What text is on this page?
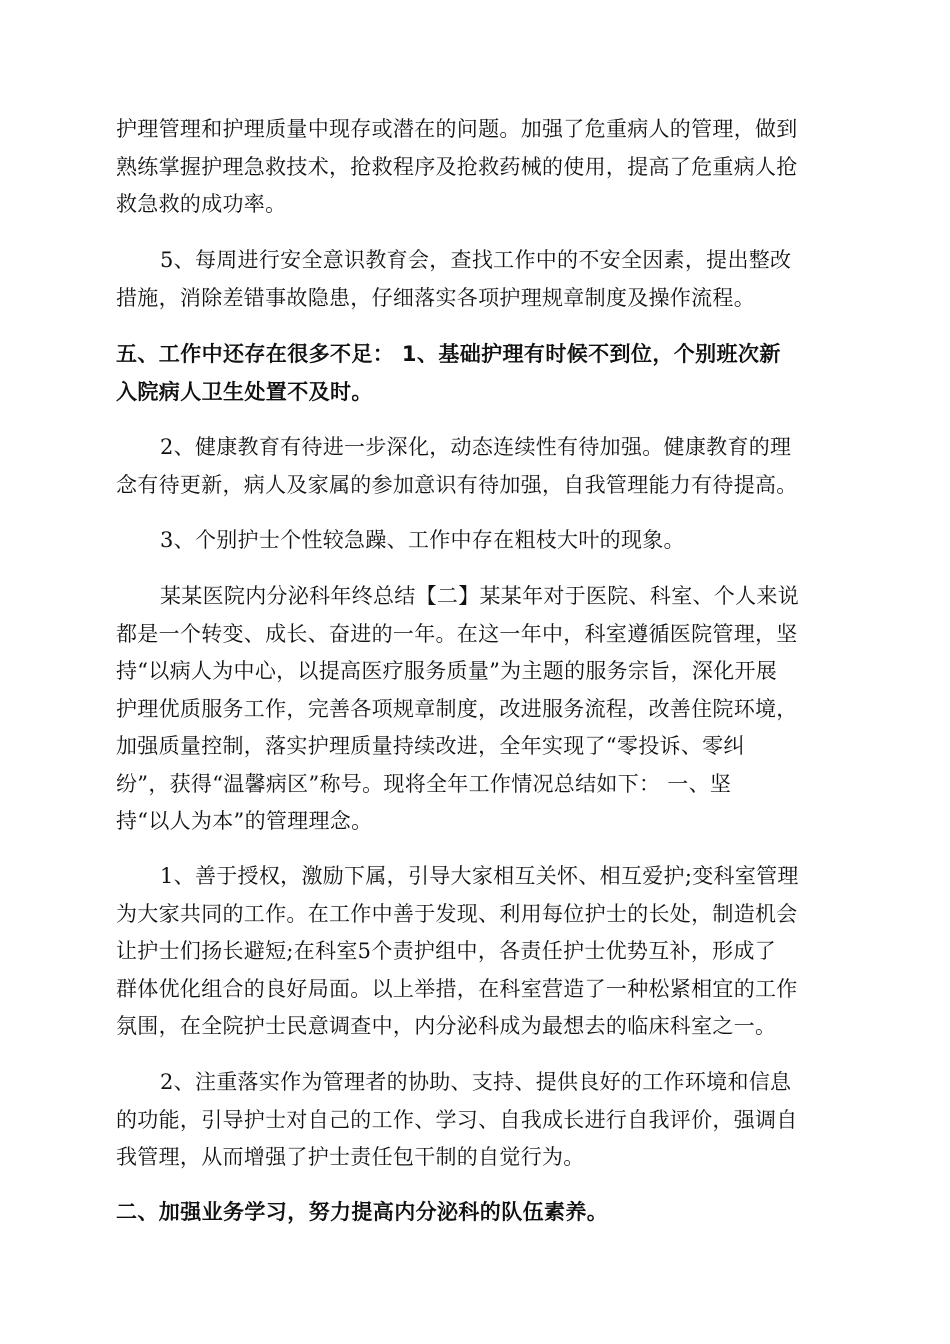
护理管理和护理质量中现存或潜在的问题。加强了危重病人的管理，做到
熟练掌握护理急救技术，抢救程序及抢救药械的使用，提高了危重病人抢
救急救的成功率。

5、每周进行安全意识教育会，查找工作中的不安全因素，提出整改
措施，消除差错事故隐患，仔细落实各项护理规章制度及操作流程。

五、工作中还存在很多不足： 1、基础护理有时候不到位，个别班次新
入院病人卫生处置不及时。

2、健康教育有待进一步深化，动态连续性有待加强。健康教育的理
念有待更新，病人及家属的参加意识有待加强，自我管理能力有待提高。

3、个别护士个性较急躁、工作中存在粗枝大叶的现象。

某某医院内分泌科年终总结【二】某某年对于医院、科室、个人来说
都是一个转变、成长、奋进的一年。在这一年中，科室遵循医院管理，坚
持“以病人为中心，以提高医疗服务质量”为主题的服务宗旨，深化开展
护理优质服务工作，完善各项规章制度，改进服务流程，改善住院环境，
加强质量控制，落实护理质量持续改进，全年实现了“零投诉、零纠
纷”，获得“温馨病区”称号。现将全年工作情况总结如下： 一、坚
持“以人为本”的管理理念。

1、善于授权，激励下属，引导大家相互关怀、相互爱护;变科室管理
为大家共同的工作。在工作中善于发现、利用每位护士的长处，制造机会
让护士们扬长避短;在科室5个责护组中，各责任护士优势互补，形成了
群体优化组合的良好局面。以上举措，在科室营造了一种松紧相宜的工作
氛围，在全院护士民意调查中，内分泌科成为最想去的临床科室之一。

2、注重落实作为管理者的协助、支持、提供良好的工作环境和信息
的功能，引导护士对自己的工作、学习、自我成长进行自我评价，强调自
我管理，从而增强了护士责任包干制的自觉行为。

二、加强业务学习，努力提高内分泌科的队伍素养。
